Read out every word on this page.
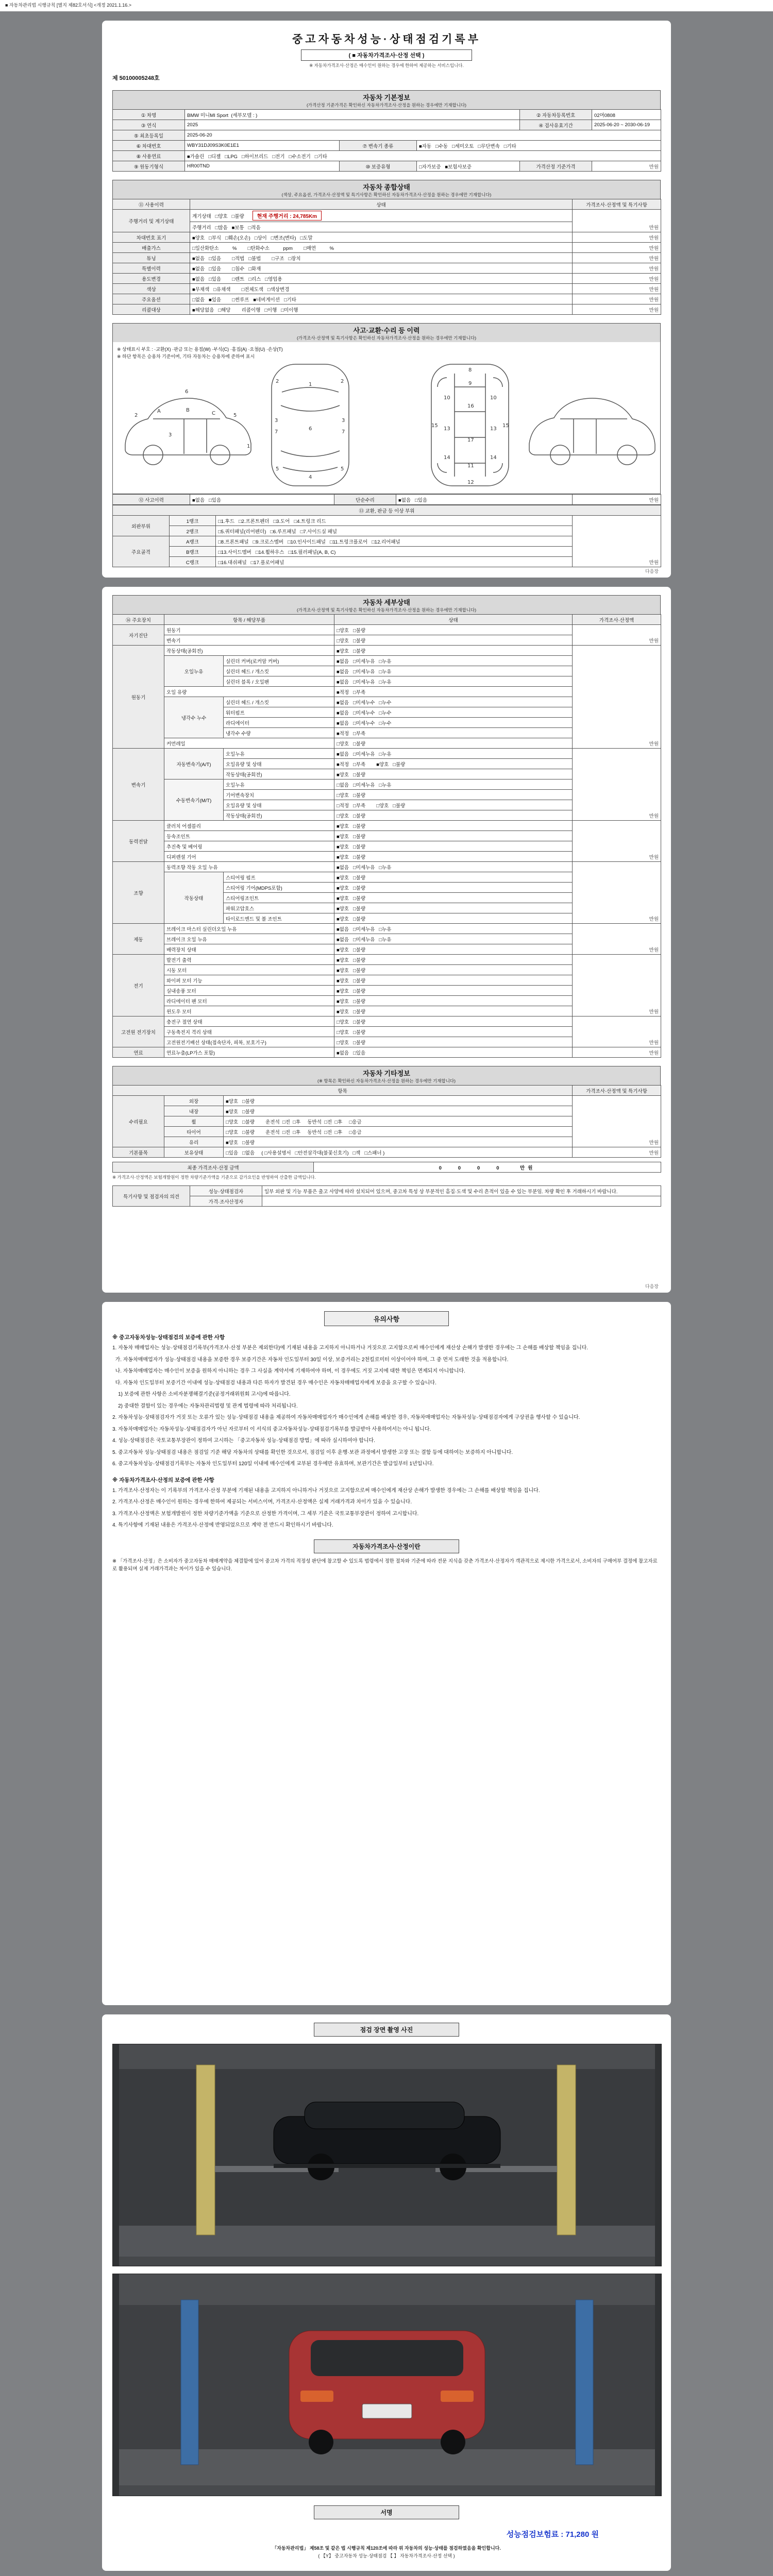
■ 자동차관리법 시행규칙 [별지 제82호서식] <개정 2021.1.16.>
중고자동차성능·상태점검기록부
( ■ 자동차가격조사·산정 선택 )
※ 자동차가격조사·산정은 매수인이 원하는 경우에 한하여 제공하는 서비스입니다.
제 50100005248호
자동차 기본정보
(가격산정 기준가격은 확인하신 자동차가격조사·산정을 원하는 경우에만 기재합니다)
① 차명	BMW 미니MI Sport  (세부모델 : )			② 자동차등록번호	02머0808
③ 연식	2025			④ 검사유효기간	2025-06-20 ~ 2030-06-19
⑤ 최초등록일	2025-06-20				
⑥ 차대번호	WBY31DJ09S3K0E1E1	⑦ 변속기 종류	■자동   □수동   □세미오토   □무단변속   □기타		
⑧ 사용연료	■가솔린   □디젤   □LPG   □하이브리드   □전기   □수소전기   □기타				
⑨ 원동기형식	HR00TND	⑩ 보증유형	□자가보증   ■보험사보증	가격산정 기준가격	만원
자동차 종합상태
(색상, 주요옵션, 가격조사·산정액 및 특기사항은 확인하신 자동차가격조사·산정을 원하는 경우에만 기재합니다)
⑪ 사용이력	상태	가격조사·산정액 및 특기사항
주행거리 및 계기상태	계기상태   □양호   □불량 현재 주행거리 : 24,785Km	만원
	주행거리   □많음   ■보통   □적음	
차대번호 표기	■양호   □부식   □훼손(오손)   □상이   □변조(변타)   □도말	만원
배출가스	□일산화탄소          %        □탄화수소          ppm        □매연          %	만원
튜닝	■없음   □있음        □적법   □불법        □구조   □장치	만원
특별이력	■없음   □있음        □침수   □화재	만원
용도변경	■없음   □있음        □렌트   □리스   □영업용	만원
색상	■무채색   □유채색        □전체도색   □색상변경	만원
주요옵션	□없음   ■있음        □썬루프   ■네비게이션   □기타	만원
리콜대상	■해당없음   □해당        리콜이행   □이행   □미이행	만원
사고·교환·수리 등 이력
(가격조사·산정액 및 특기사항은 확인하신 자동차가격조사·산정을 원하는 경우에만 기재합니다)
※ 상태표시 부호 : ·교환(X) ·판금 또는 용접(W) ·부식(C) ·흠집(A) ·요철(U) ·손상(T)
※ 하단 항목은 승용차 기준이며, 기타 자동차는 승용차에 준하여 표시
6
A	B
C
3
2	5
1
1
6
4
2	2
3	3
7	7
5	5
8
9
10	10
16
13	13
17
14	14
11
12
15	15
⑫ 사고이력	■없음   □있음	단순수리	■없음   □있음	만원
⑬ 교환, 판금 등 이상 부위			
외판부위	1랭크	□1.후드   □2.프론트펜더   □3.도어   □4.트렁크 리드	만원
	2랭크	□5.쿼터패널(리어펜더)   □6.루프패널   □7.사이드실 패널	
주요골격	A랭크	□8.프론트패널   □9.크로스멤버   □10.인사이드패널   □11.트렁크플로어   □12.리어패널	
	B랭크	□13.사이드멤버   □14.휠하우스   □15.필러패널(A, B, C)	
	C랭크	□16.대쉬패널   □17.플로어패널	
다음장
자동차 세부상태
(가격조사·산정액 및 특기사항은 확인하신 자동차가격조사·산정을 원하는 경우에만 기재합니다)
⑭ 주요장치	항목 / 해당부품		상태	가격조사·산정액
자기진단	원동기		□양호   □불량	만원
	변속기		□양호   □불량	
원동기	작동상태(공회전)		■양호   □불량	만원
	오일누유	실린더 커버(로커암 커버)	■없음   □미세누유   □누유	
		실린더 헤드 / 개스킷	■없음   □미세누유   □누유	
		실린더 블록 / 오일팬	■없음   □미세누유   □누유	
	오일 유량		■적정   □부족	
	냉각수 누수	실린더 헤드 / 개스킷	■없음   □미세누수   □누수	
		워터펌프	■없음   □미세누수   □누수	
		라디에이터	■없음   □미세누수   □누수	
		냉각수 수량	■적정   □부족	
	커먼레일		□양호   □불량	
변속기	자동변속기(A/T)	오일누유	■없음   □미세누유   □누유	만원
		오일유량 및 상태	■적정   □부족        ■양호   □불량	
		작동상태(공회전)	■양호   □불량	
	수동변속기(M/T)	오일누유	□없음   □미세누유   □누유	
		기어변속장치	□양호   □불량	
		오일유량 및 상태	□적정   □부족        □양호   □불량	
		작동상태(공회전)	□양호   □불량	
동력전달	클러치 어셈블리		■양호   □불량	만원
	등속조인트		■양호   □불량	
	추진축 및 베어링		■양호   □불량	
	디퍼렌셜 기어		■양호   □불량	
조향	동력조향 작동 오일 누유		■없음   □미세누유   □누유	만원
	작동상태	스티어링 펌프	■양호   □불량	
		스티어링 기어(MDPS포함)	■양호   □불량	
		스티어링조인트	■양호   □불량	
		파워고압호스	■양호   □불량	
		타이로드엔드 및 볼 조인트	■양호   □불량	
제동	브레이크 마스터 실린더오일 누유		■없음   □미세누유   □누유	만원
	브레이크 오일 누유		■없음   □미세누유   □누유	
	배력장치 상태		■양호   □불량	
전기	발전기 출력		■양호   □불량	만원
	시동 모터		■양호   □불량	
	와이퍼 모터 기능		■양호   □불량	
	실내송풍 모터		■양호   □불량	
	라디에이터 팬 모터		■양호   □불량	
	윈도우 모터		■양호   □불량	
고전원 전기장치	충전구 절연 상태		□양호   □불량	만원
	구동축전지 격리 상태		□양호   □불량	
	고전원전기배선 상태(접속단자, 피복, 보호기구)		□양호   □불량	
연료	연료누출(LP가스 포함)		■없음   □있음	만원
자동차 기타정보
(※ 항목은 확인하신 자동차가격조사·산정을 원하는 경우에만 기재합니다)
항목			가격조사·산정액 및 특기사항
수리필요	외장	■양호   □불량	만원
	내장	■양호   □불량	
	휠	□양호   □불량        운전석  □전  □후     동반석  □전  □후     □응급	
	타이어	□양호   □불량        운전석  □전  □후     동반석  □전  □후     □응급	
	유리	■양호   □불량	
기본품목	보유상태	□있음   □없음     ( □사용설명서   □안전삼각대(불꽃신호기)   □잭   □스패너 )	만원
최종 가격조사·산정 금액	0   0   0   0    만원
※ 가격조사·산정액은 보험개발원이 정한 차량기준가액을 기준으로 감가요인을 반영하여 산출한 금액입니다.
특기사항 및 점검자의 의견	성능·상태점검자	일부 외판 및 기능 부품은 출고 사양에 따라 설치되어 있으며, 중고차 특성 상 부분적인 흠집·도색 및 수리 흔적이 있을 수 있는 부분임. 차량 확인 후 거래하시기 바랍니다.
	가격·조사산정자	
다음장
유의사항
※ 중고자동차성능·상태점검의 보증에 관한 사항

1. 자동차 매매업자는 성능·상태점검기록부(가격조사·산정 부분은 제외한다)에 기재된 내용을 고지하지 아니하거나 거짓으로 고지함으로써 매수인에게 재산상 손해가 발생한 경우에는 그 손해를 배상할 책임을 집니다.

가. 자동차매매업자가 성능·상태점검 내용을 보증한 경우 보증기간은 자동차 인도일부터 30일 이상, 보증거리는 2천킬로미터 이상이어야 하며, 그 중 먼저 도래한 것을 적용합니다.

나. 자동차매매업자는 매수인이 보증을 원하지 아니하는 경우 그 사실을 계약서에 기재하여야 하며, 이 경우에도 거짓 고지에 대한 책임은 면제되지 아니합니다.

다. 자동차 인도일부터 보증기간 이내에 성능·상태점검 내용과 다른 하자가 발견된 경우 매수인은 자동차매매업자에게 보증을 요구할 수 있습니다.

1) 보증에 관한 사항은 소비자분쟁해결기준(공정거래위원회 고시)에 따릅니다.

2) 중대한 결함이 있는 경우에는 자동차관리법령 및 관계 법령에 따라 처리됩니다.

2. 자동차성능·상태점검자가 거짓 또는 오류가 있는 성능·상태점검 내용을 제공하여 자동차매매업자가 매수인에게 손해를 배상한 경우, 자동차매매업자는 자동차성능·상태점검자에게 구상권을 행사할 수 있습니다.

3. 자동차매매업자는 자동차성능·상태점검자가 아닌 자로부터 이 서식의 중고자동차성능·상태점검기록부를 발급받아 사용하여서는 아니 됩니다.

4. 성능·상태점검은 국토교통부장관이 정하여 고시하는 「중고자동차 성능·상태점검 방법」에 따라 실시하여야 합니다.

5. 중고자동차 성능·상태점검 내용은 점검일 기준 해당 자동차의 상태를 확인한 것으로서, 점검일 이후 운행·보관 과정에서 발생한 고장 또는 결함 등에 대하여는 보증하지 아니합니다.

6. 중고자동차성능·상태점검기록부는 자동차 인도일부터 120일 이내에 매수인에게 교부된 경우에만 유효하며, 보관기간은 발급일부터 1년입니다.

※ 자동차가격조사·산정의 보증에 관한 사항

1. 가격조사·산정자는 이 기록부의 가격조사·산정 부분에 기재된 내용을 고지하지 아니하거나 거짓으로 고지함으로써 매수인에게 재산상 손해가 발생한 경우에는 그 손해를 배상할 책임을 집니다.

2. 가격조사·산정은 매수인이 원하는 경우에 한하여 제공되는 서비스이며, 가격조사·산정액은 실제 거래가격과 차이가 있을 수 있습니다.

3. 가격조사·산정액은 보험개발원이 정한 차량기준가액을 기준으로 산정한 가격이며, 그 세부 기준은 국토교통부장관이 정하여 고시합니다.

4. 특기사항에 기재된 내용은 가격조사·산정에 반영되었으므로 계약 전 반드시 확인하시기 바랍니다.

자동차가격조사·산정이란
※ 「가격조사·산정」은 소비자가 중고자동차 매매계약을 체결함에 있어 중고차 가격의 적정성 판단에 참고할 수 있도록 법령에서 정한 절차와 기준에 따라 전문 지식을 갖춘 가격조사·산정자가 객관적으로 제시한 가격으로서, 소비자의 구매여부 결정에 참고자료로 활용되며 실제 거래가격과는 차이가 있을 수 있습니다.
점검 장면 촬영 사진
서명
성능점검보험료 : 71,280 원
「자동차관리법」 제58조 및 같은 법 시행규칙 제120조에 따라 위 자동차의 성능·상태를 점검하였음을 확인합니다.
( 【Y】 중고자동차 성능·상태점검 【 】 자동차가격조사·산정 선택 )
